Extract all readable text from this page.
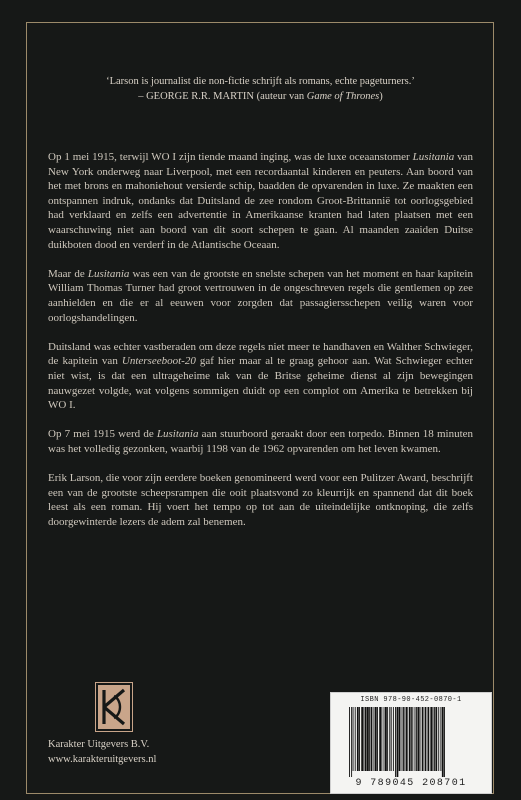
‘Larson is journalist die non-fictie schrijft als romans, echte pageturners.’
– GEORGE R.R. MARTIN (auteur van Game of Thrones)

Op 1 mei 1915, terwijl WO I zijn tiende maand inging, was de luxe oceaanstomer Lusitania van New York onderweg naar Liverpool, met een recordaantal kinderen en peuters. Aan boord van het met brons en mahoniehout versierde schip, baadden de opvarenden in luxe. Ze maakten een ontspannen indruk, ondanks dat Duitsland de zee rondom Groot-Brittannië tot oorlogsgebied had verklaard en zelfs een advertentie in Amerikaanse kranten had laten plaatsen met een waarschuwing niet aan boord van dit soort schepen te gaan. Al maanden zaaiden Duitse duikboten dood en verderf in de Atlantische Oceaan.

Maar de Lusitania was een van de grootste en snelste schepen van het moment en haar kapitein William Thomas Turner had groot vertrouwen in de ongeschreven regels die gentlemen op zee aanhielden en die er al eeuwen voor zorgden dat passagiersschepen veilig waren voor oorlogshandelingen.

Duitsland was echter vastberaden om deze regels niet meer te handhaven en Walther Schwieger, de kapitein van Unterseeboot-20 gaf hier maar al te graag gehoor aan. Wat Schwieger echter niet wist, is dat een ultrageheime tak van de Britse geheime dienst al zijn bewegingen nauwgezet volgde, wat volgens sommigen duidt op een complot om Amerika te betrekken bij WO I.

Op 7 mei 1915 werd de Lusitania aan stuurboord geraakt door een torpedo. Binnen 18 minuten was het volledig gezonken, waarbij 1198 van de 1962 opvarenden om het leven kwamen.

Erik Larson, die voor zijn eerdere boeken genomineerd werd voor een Pulitzer Award, beschrijft een van de grootste scheepsrampen die ooit plaatsvond zo kleurrijk en spannend dat dit boek leest als een roman. Hij voert het tempo op tot aan de uiteindelijke ontknoping, die zelfs doorgewinterde lezers de adem zal benemen.

Karakter Uitgevers B.V.
www.karakteruitgevers.nl
ISBN 978-90-452-0870-1
9 789045 208701
